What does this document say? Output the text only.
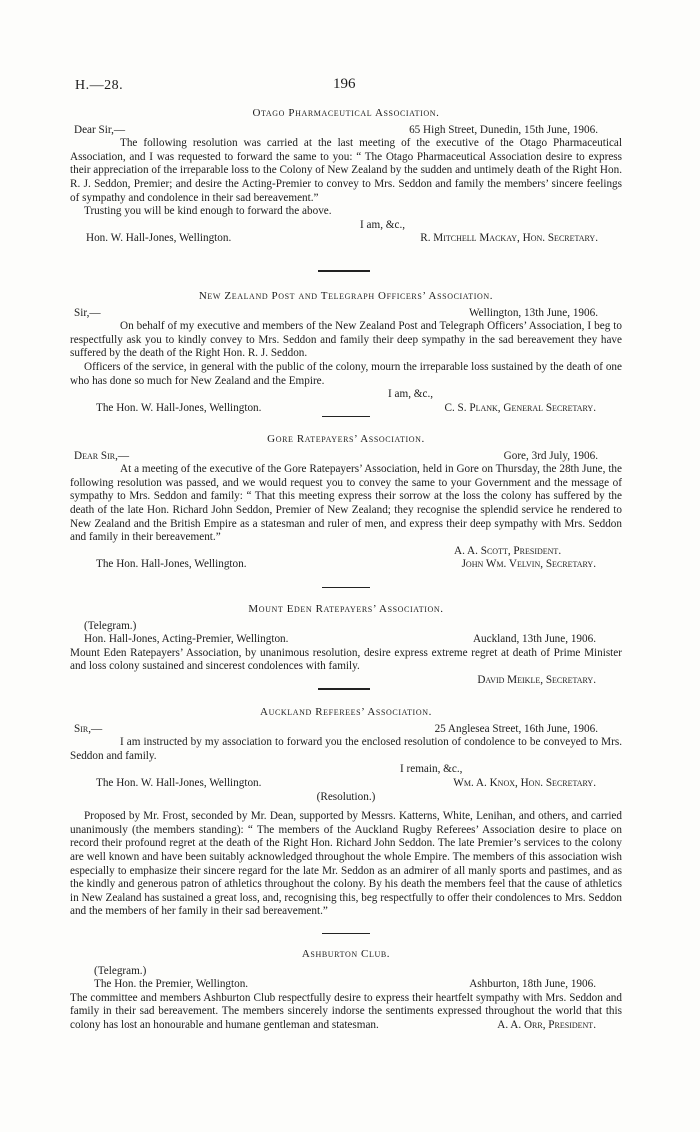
H.—28.	196
Otago Pharmaceutical Association.
Dear Sir,—	65 High Street, Dunedin, 15th June, 1906.

The following resolution was carried at the last meeting of the executive of the Otago Pharmaceutical Association, and I was requested to forward the same to you: “ The Otago Pharmaceutical Association desire to express their appreciation of the irreparable loss to the Colony of New Zealand by the sudden and untimely death of the Right Hon. R. J. Seddon, Premier; and desire the Acting-Premier to convey to Mrs. Seddon and family the members’ sincere feelings of sympathy and condolence in their sad bereavement.”

Trusting you will be kind enough to forward the above.

I am, &c.,
Hon. W. Hall-Jones, Wellington.	R. Mitchell Mackay, Hon. Secretary.
New Zealand Post and Telegraph Officers’ Association.
Sir,—	Wellington, 13th June, 1906.

On behalf of my executive and members of the New Zealand Post and Telegraph Officers’ Association, I beg to respectfully ask you to kindly convey to Mrs. Seddon and family their deep sympathy in the sad bereavement they have suffered by the death of the Right Hon. R. J. Seddon.

Officers of the service, in general with the public of the colony, mourn the irreparable loss sustained by the death of one who has done so much for New Zealand and the Empire.

I am, &c.,
The Hon. W. Hall-Jones, Wellington.	C. S. Plank, General Secretary.
Gore Ratepayers’ Association.
Dear Sir,—	Gore, 3rd July, 1906.

At a meeting of the executive of the Gore Ratepayers’ Association, held in Gore on Thursday, the 28th June, the following resolution was passed, and we would request you to convey the same to your Government and the message of sympathy to Mrs. Seddon and family: “ That this meeting express their sorrow at the loss the colony has suffered by the death of the late Hon. Richard John Seddon, Premier of New Zealand; they recognise the splendid service he rendered to New Zealand and the British Empire as a statesman and ruler of men, and express their deep sympathy with Mrs. Seddon and family in their bereavement.”

A. A. Scott, President.
The Hon. Hall-Jones, Wellington.	John Wm. Velvin, Secretary.
Mount Eden Ratepayers’ Association.
(Telegram.)
Hon. Hall-Jones, Acting-Premier, Wellington.	Auckland, 13th June, 1906.

Mount Eden Ratepayers’ Association, by unanimous resolution, desire express extreme regret at death of Prime Minister and loss colony sustained and sincerest condolences with family.

David Meikle, Secretary.
Auckland Referees’ Association.
Sir,—	25 Anglesea Street, 16th June, 1906.

I am instructed by my association to forward you the enclosed resolution of condolence to be conveyed to Mrs. Seddon and family.

I remain, &c.,
The Hon. W. Hall-Jones, Wellington.	Wm. A. Knox, Hon. Secretary.
(Resolution.)

Proposed by Mr. Frost, seconded by Mr. Dean, supported by Messrs. Katterns, White, Lenihan, and others, and carried unanimously (the members standing): “ The members of the Auckland Rugby Referees’ Association desire to place on record their profound regret at the death of the Right Hon. Richard John Seddon. The late Premier’s services to the colony are well known and have been suitably acknowledged throughout the whole Empire. The members of this association wish especially to emphasize their sincere regard for the late Mr. Seddon as an admirer of all manly sports and pastimes, and as the kindly and generous patron of athletics throughout the colony. By his death the members feel that the cause of athletics in New Zealand has sustained a great loss, and, recognising this, beg respectfully to offer their condolences to Mrs. Seddon and the members of her family in their sad bereavement.”

Ashburton Club.
(Telegram.)
The Hon. the Premier, Wellington.	Ashburton, 18th June, 1906.

The committee and members Ashburton Club respectfully desire to express their heartfelt sympathy with Mrs. Seddon and family in their sad bereavement. The members sincerely indorse the sentiments expressed throughout the world that this colony has lost an honourable and humane gentleman and statesman.	A. A. Orr, President.
